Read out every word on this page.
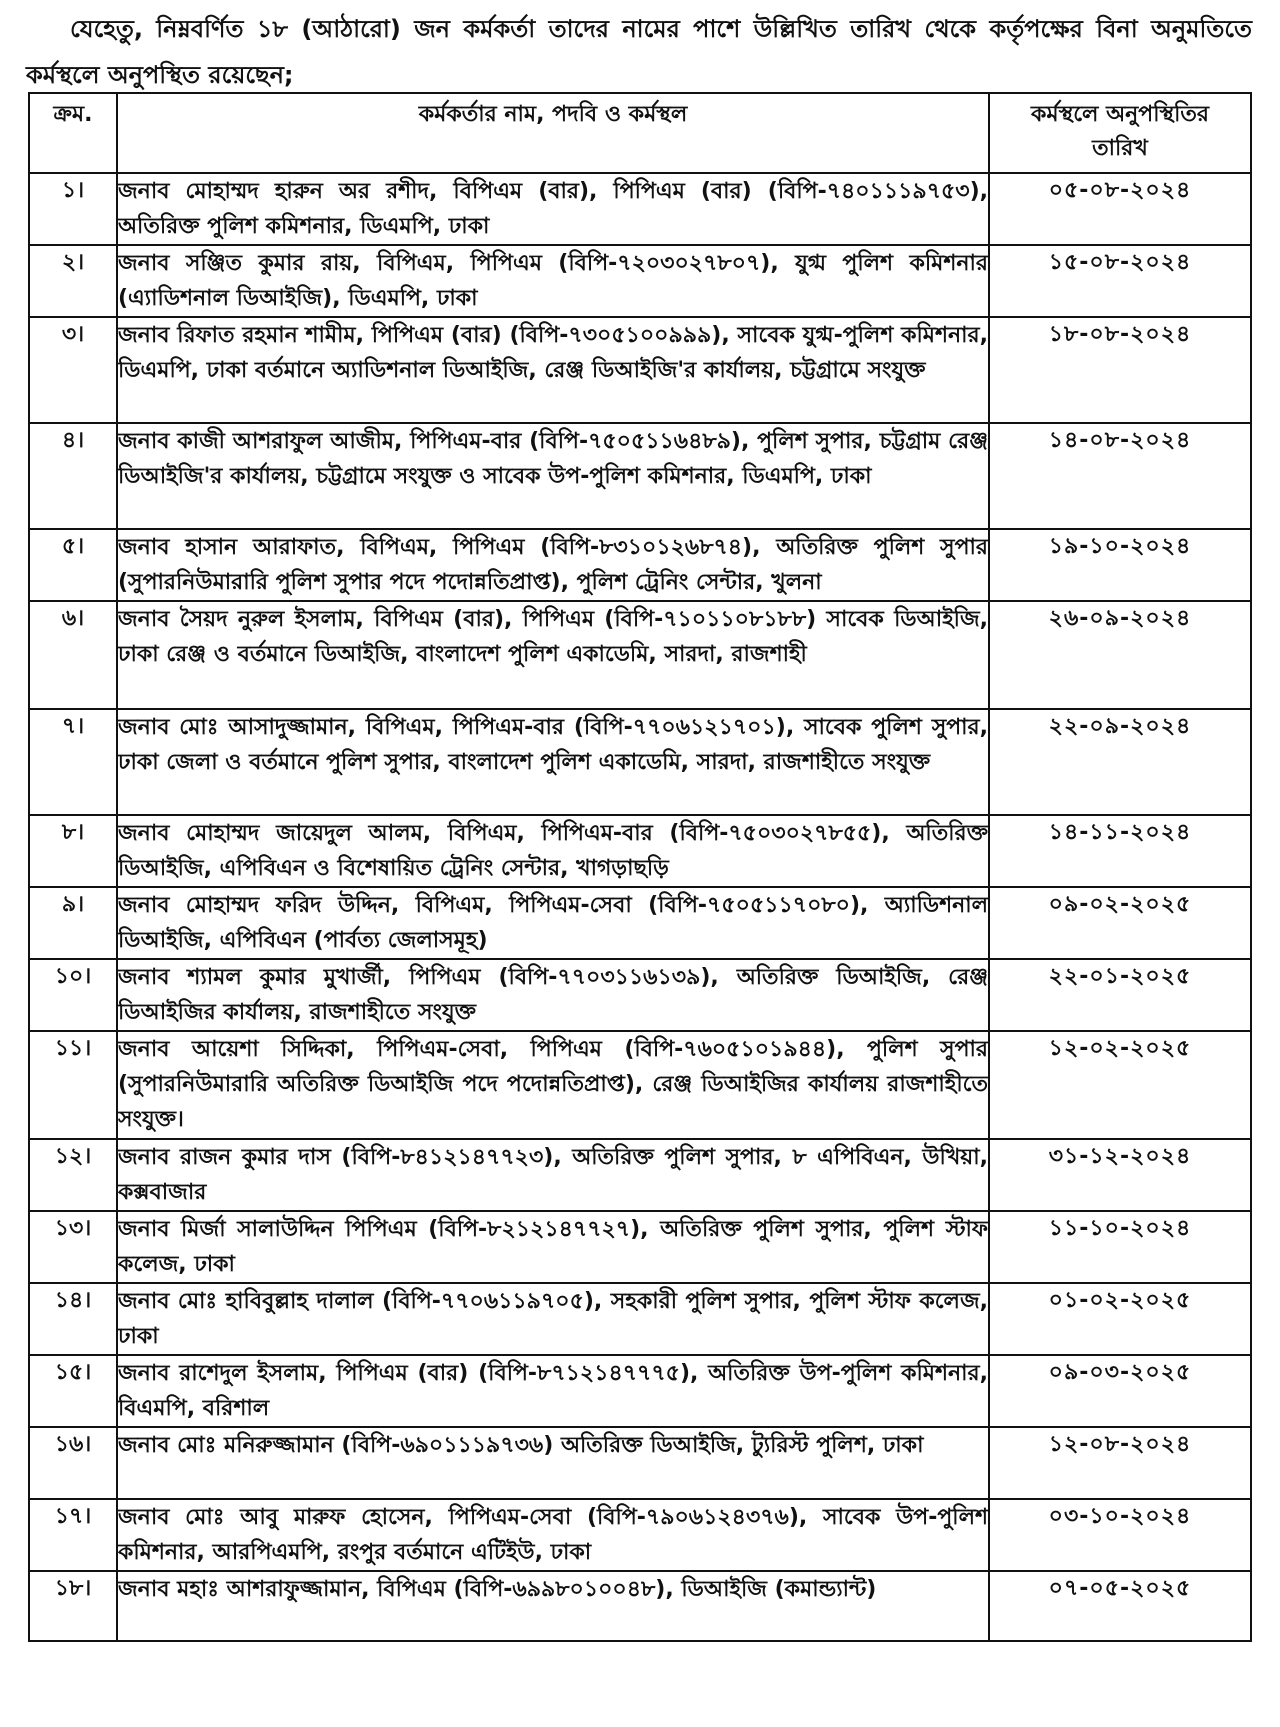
যেহেতু, নিম্নবর্ণিত ১৮ (আঠারো) জন কর্মকর্তা তাদের নামের পাশে উল্লিখিত তারিখ থেকে কর্তৃপক্ষের বিনা অনুমতিতে কর্মস্থলে অনুপস্থিত রয়েছেন;
ক্রম.	কর্মকর্তার নাম, পদবি ও কর্মস্থল	কর্মস্থলে অনুপস্থিতির তারিখ
১।	জনাব মোহাম্মদ হারুন অর রশীদ, বিপিএম (বার), পিপিএম (বার) (বিপি-৭৪০১১১৯৭৫৩), অতিরিক্ত পুলিশ কমিশনার, ডিএমপি, ঢাকা	০৫-০৮-২০২৪
২।	জনাব সঞ্জিত কুমার রায়, বিপিএম, পিপিএম (বিপি-৭২০৩০২৭৮০৭), যুগ্ম পুলিশ কমিশনার (এ্যাডিশনাল ডিআইজি), ডিএমপি, ঢাকা	১৫-০৮-২০২৪
৩।	জনাব রিফাত রহমান শামীম, পিপিএম (বার) (বিপি-৭৩০৫১০০৯৯৯), সাবেক যুগ্ম-পুলিশ কমিশনার, ডিএমপি, ঢাকা বর্তমানে অ্যাডিশনাল ডিআইজি, রেঞ্জ ডিআইজি'র কার্যালয়, চট্টগ্রামে সংযুক্ত	১৮-০৮-২০২৪
৪।	জনাব কাজী আশরাফুল আজীম, পিপিএম-বার (বিপি-৭৫০৫১১৬৪৮৯), পুলিশ সুপার, চট্টগ্রাম রেঞ্জ ডিআইজি'র কার্যালয়, চট্টগ্রামে সংযুক্ত ও সাবেক উপ-পুলিশ কমিশনার, ডিএমপি, ঢাকা	১৪-০৮-২০২৪
৫।	জনাব হাসান আরাফাত, বিপিএম, পিপিএম (বিপি-৮৩১০১২৬৮৭৪), অতিরিক্ত পুলিশ সুপার (সুপারনিউমারারি পুলিশ সুপার পদে পদোন্নতিপ্রাপ্ত), পুলিশ ট্রেনিং সেন্টার, খুলনা	১৯-১০-২০২৪
৬।	জনাব সৈয়দ নুরুল ইসলাম, বিপিএম (বার), পিপিএম (বিপি-৭১০১১০৮১৮৮) সাবেক ডিআইজি, ঢাকা রেঞ্জ ও বর্তমানে ডিআইজি, বাংলাদেশ পুলিশ একাডেমি, সারদা, রাজশাহী	২৬-০৯-২০২৪
৭।	জনাব মোঃ আসাদুজ্জামান, বিপিএম, পিপিএম-বার (বিপি-৭৭০৬১২১৭০১), সাবেক পুলিশ সুপার, ঢাকা জেলা ও বর্তমানে পুলিশ সুপার, বাংলাদেশ পুলিশ একাডেমি, সারদা, রাজশাহীতে সংযুক্ত	২২-০৯-২০২৪
৮।	জনাব মোহাম্মদ জায়েদুল আলম, বিপিএম, পিপিএম-বার (বিপি-৭৫০৩০২৭৮৫৫), অতিরিক্ত ডিআইজি, এপিবিএন ও বিশেষায়িত ট্রেনিং সেন্টার, খাগড়াছড়ি	১৪-১১-২০২৪
৯।	জনাব মোহাম্মদ ফরিদ উদ্দিন, বিপিএম, পিপিএম-সেবা (বিপি-৭৫০৫১১৭০৮০), অ্যাডিশনাল ডিআইজি, এপিবিএন (পার্বত্য জেলাসমূহ)	০৯-০২-২০২৫
১০।	জনাব শ্যামল কুমার মুখার্জী, পিপিএম (বিপি-৭৭০৩১১৬১৩৯), অতিরিক্ত ডিআইজি, রেঞ্জ ডিআইজির কার্যালয়, রাজশাহীতে সংযুক্ত	২২-০১-২০২৫
১১।	জনাব আয়েশা সিদ্দিকা, পিপিএম-সেবা, পিপিএম (বিপি-৭৬০৫১০১৯৪৪), পুলিশ সুপার (সুপারনিউমারারি অতিরিক্ত ডিআইজি পদে পদোন্নতিপ্রাপ্ত), রেঞ্জ ডিআইজির কার্যালয় রাজশাহীতে সংযুক্ত।	১২-০২-২০২৫
১২।	জনাব রাজন কুমার দাস (বিপি-৮৪১২১৪৭৭২৩), অতিরিক্ত পুলিশ সুপার, ৮ এপিবিএন, উখিয়া, কক্সবাজার	৩১-১২-২০২৪
১৩।	জনাব মির্জা সালাউদ্দিন পিপিএম (বিপি-৮২১২১৪৭৭২৭), অতিরিক্ত পুলিশ সুপার, পুলিশ স্টাফ কলেজ, ঢাকা	১১-১০-২০২৪
১৪।	জনাব মোঃ হাবিবুল্লাহ দালাল (বিপি-৭৭০৬১১৯৭০৫), সহকারী পুলিশ সুপার, পুলিশ স্টাফ কলেজ, ঢাকা	০১-০২-২০২৫
১৫।	জনাব রাশেদুল ইসলাম, পিপিএম (বার) (বিপি-৮৭১২১৪৭৭৭৫), অতিরিক্ত উপ-পুলিশ কমিশনার, বিএমপি, বরিশাল	০৯-০৩-২০২৫
১৬।	জনাব মোঃ মনিরুজ্জামান (বিপি-৬৯০১১১৯৭৩৬) অতিরিক্ত ডিআইজি, ট্যুরিস্ট পুলিশ, ঢাকা	১২-০৮-২০২৪
১৭।	জনাব মোঃ আবু মারুফ হোসেন, পিপিএম-সেবা (বিপি-৭৯০৬১২৪৩৭৬), সাবেক উপ-পুলিশ কমিশনার, আরপিএমপি, রংপুর বর্তমানে এটিইউ, ঢাকা	০৩-১০-২০২৪
১৮।	জনাব মহাঃ আশরাফুজ্জামান, বিপিএম (বিপি-৬৯৯৮০১০০৪৮), ডিআইজি (কমান্ড্যান্ট)	০৭-০৫-২০২৫
